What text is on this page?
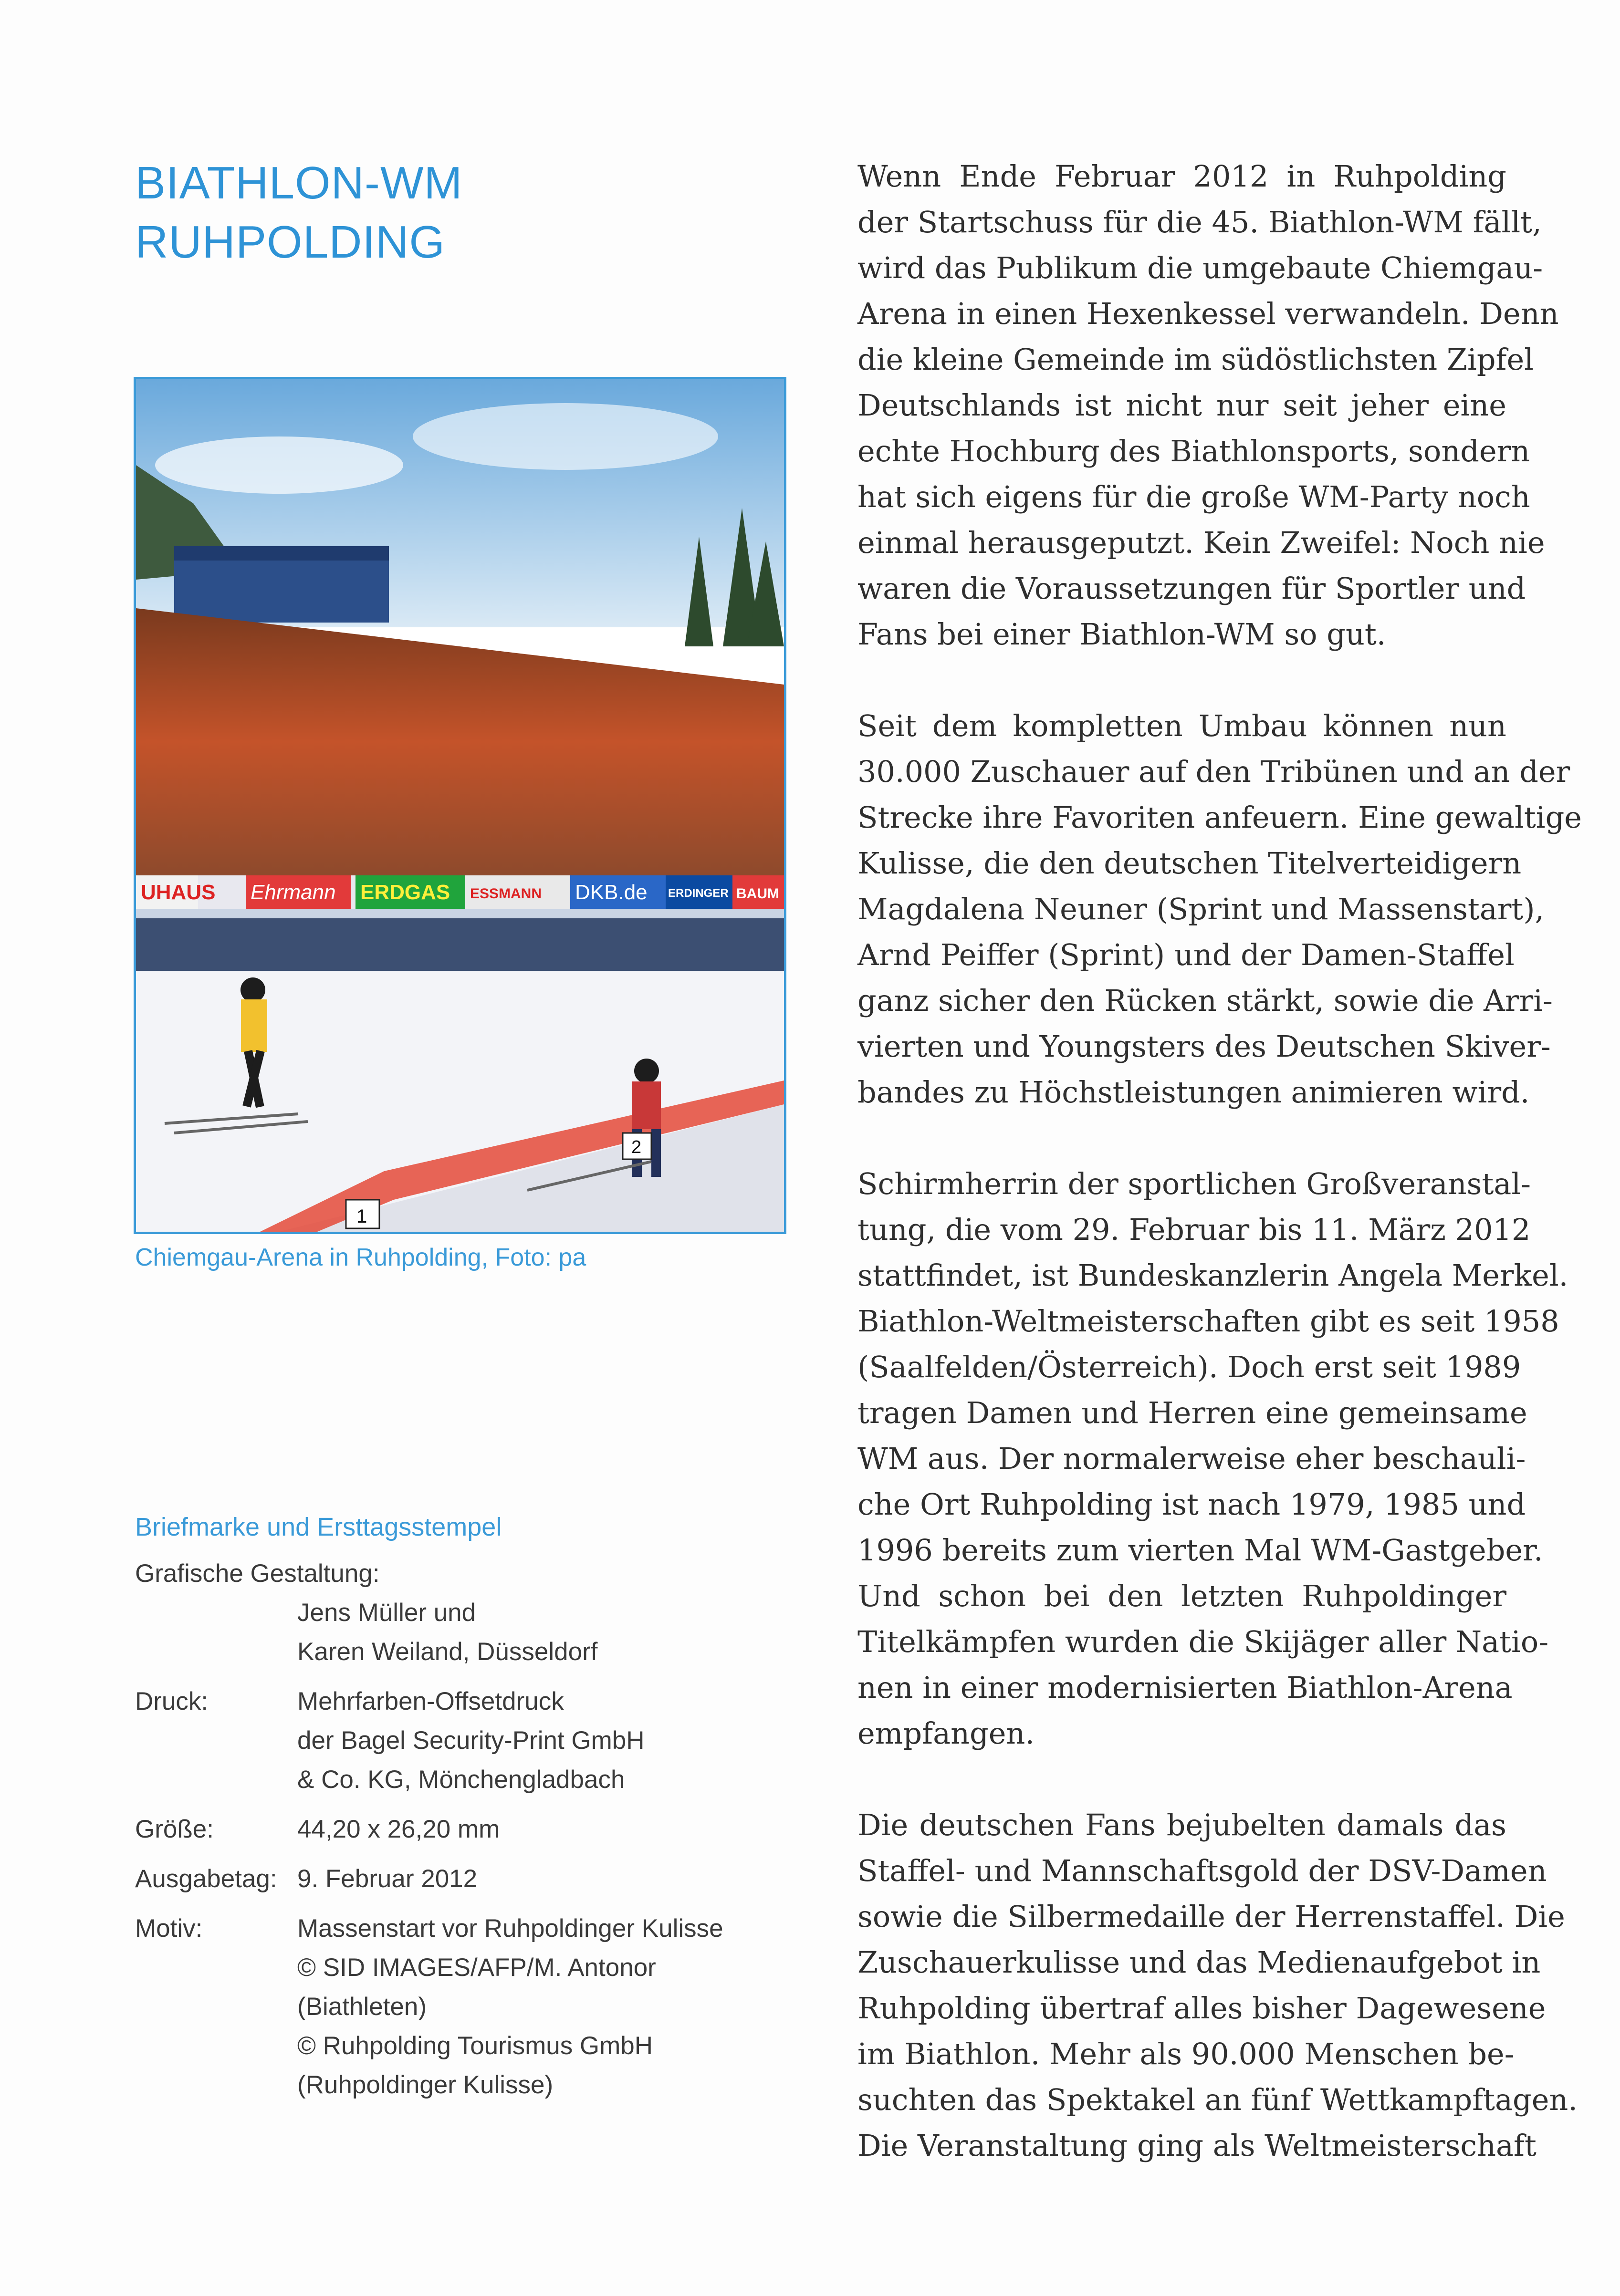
BIATHLON-WM
RUHPOLDING
UHAUS Ehrmann ERDGAS ESSMANN DKB.de ERDINGER BAUM
1
2
Chiemgau-Arena in Ruhpolding, Foto: pa
Briefmarke und Ersttagsstempel
Grafische Gestaltung:
Jens Müller und
Karen Weiland, Düsseldorf
Druck:	Mehrfarben-Offsetdruck
der Bagel Security-Print GmbH
& Co. KG, Mönchengladbach
Größe:	44,20 x 26,20 mm
Ausgabetag: 9. Februar 2012
Motiv:	Massenstart vor Ruhpoldinger Kulisse
© SID IMAGES/AFP/M. Antonor
(Biathleten)
© Ruhpolding Tourismus GmbH
(Ruhpoldinger Kulisse)

Wenn Ende Februar 2012 in Ruhpolding
der Startschuss für die 45. Biathlon-WM fällt,
wird das Publikum die umgebaute Chiemgau-
Arena in einen Hexenkessel verwandeln. Denn
die kleine Gemeinde im südöstlichsten Zipfel
Deutschlands ist nicht nur seit jeher eine
echte Hochburg des Biathlonsports, sondern
hat sich eigens für die große WM-Party noch
einmal herausgeputzt. Kein Zweifel: Noch nie
waren die Voraussetzungen für Sportler und
Fans bei einer Biathlon-WM so gut.

Seit dem kompletten Umbau können nun
30.000 Zuschauer auf den Tribünen und an der
Strecke ihre Favoriten anfeuern. Eine gewaltige
Kulisse, die den deutschen Titelverteidigern
Magdalena Neuner (Sprint und Massenstart),
Arnd Peiffer (Sprint) und der Damen-Staffel
ganz sicher den Rücken stärkt, sowie die Arri-
vierten und Youngsters des Deutschen Skiver-
bandes zu Höchstleistungen animieren wird.

Schirmherrin der sportlichen Großveranstal-
tung, die vom 29. Februar bis 11. März 2012
stattfindet, ist Bundeskanzlerin Angela Merkel.
Biathlon-Weltmeisterschaften gibt es seit 1958
(Saalfelden/Österreich). Doch erst seit 1989
tragen Damen und Herren eine gemeinsame
WM aus. Der normalerweise eher beschauli-
che Ort Ruhpolding ist nach 1979, 1985 und
1996 bereits zum vierten Mal WM-Gastgeber.
Und schon bei den letzten Ruhpoldinger
Titelkämpfen wurden die Skijäger aller Natio-
nen in einer modernisierten Biathlon-Arena
empfangen.

Die deutschen Fans bejubelten damals das
Staffel- und Mannschaftsgold der DSV-Damen
sowie die Silbermedaille der Herrenstaffel. Die
Zuschauerkulisse und das Medienaufgebot in
Ruhpolding übertraf alles bisher Dagewesene
im Biathlon. Mehr als 90.000 Menschen be-
suchten das Spektakel an fünf Wettkampftagen.
Die Veranstaltung ging als Weltmeisterschaft
